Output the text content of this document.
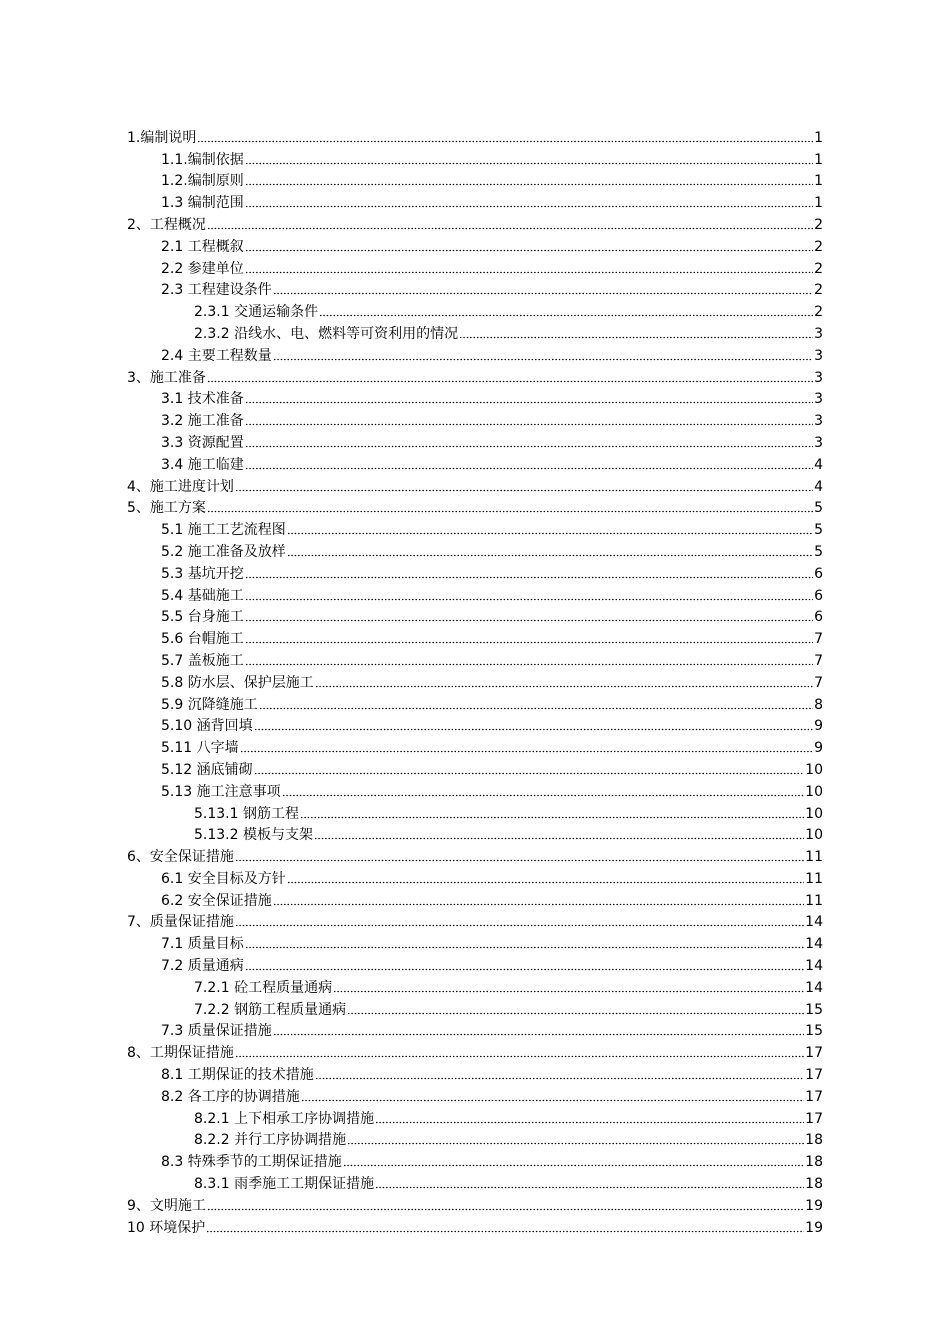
1.编制说明	1
1.1.编制依据	1
1.2.编制原则	1
1.3 编制范围	1
2、工程概况	2
2.1 工程概叙	2
2.2 参建单位	2
2.3 工程建设条件	2
2.3.1 交通运输条件	2
2.3.2 沿线水、电、燃料等可资利用的情况	3
2.4 主要工程数量	3
3、施工准备	3
3.1 技术准备	3
3.2 施工准备	3
3.3 资源配置	3
3.4 施工临建	4
4、施工进度计划	4
5、施工方案	5
5.1 施工工艺流程图	5
5.2 施工准备及放样	5
5.3 基坑开挖	6
5.4 基础施工	6
5.5 台身施工	6
5.6 台帽施工	7
5.7 盖板施工	7
5.8 防水层、保护层施工	7
5.9 沉降缝施工	8
5.10 涵背回填	9
5.11 八字墙	9
5.12 涵底铺砌	10
5.13 施工注意事项	10
5.13.1 钢筋工程	10
5.13.2 模板与支架	10
6、安全保证措施	11
6.1 安全目标及方针	11
6.2 安全保证措施	11
7、质量保证措施	14
7.1 质量目标	14
7.2 质量通病	14
7.2.1 砼工程质量通病	14
7.2.2 钢筋工程质量通病	15
7.3 质量保证措施	15
8、工期保证措施	17
8.1 工期保证的技术措施	17
8.2 各工序的协调措施	17
8.2.1 上下相承工序协调措施	17
8.2.2 并行工序协调措施	18
8.3 特殊季节的工期保证措施	18
8.3.1 雨季施工工期保证措施	18
9、文明施工	19
10 环境保护	19
